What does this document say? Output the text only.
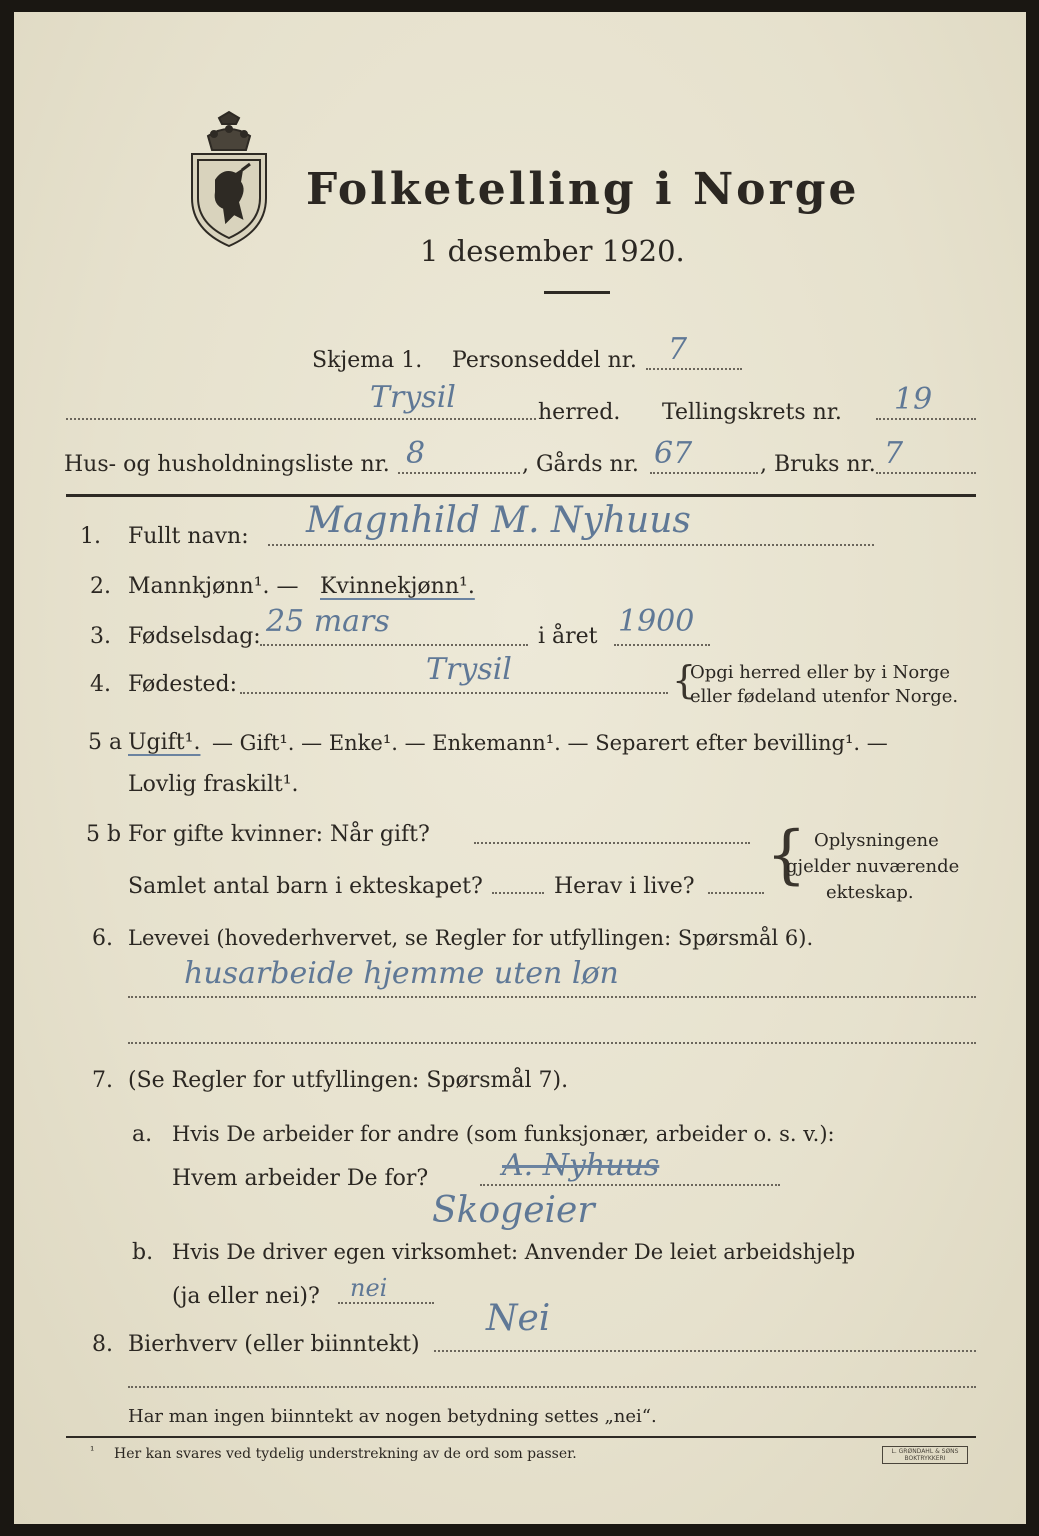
Folketelling i Norge
1 desember 1920.
Skjema 1. Personseddel nr. 7
Trysil	herred. Tellingskrets nr. 19
Hus- og husholdningsliste nr. 8	, Gårds nr. 67	, Bruks nr. 7
1. Fullt navn: Magnhild M. Nyhuus
2. Mannkjønn¹. — Kvinnekjønn¹.
3. Fødselsdag: 25 mars	i året 1900
4. Fødested:	Trysil	{
Opgi herred eller by i Norge
eller fødeland utenfor Norge.
5 a Ugift¹. — Gift¹. — Enke¹. — Enkemann¹. — Separert efter bevilling¹. —
Lovlig fraskilt¹.
5 b For gifte kvinner: Når gift?
Samlet antal barn i ekteskapet?	Herav i live? { Oplysningene
gjelder nuværende
ekteskap.
6. Levevei (hovederhvervet, se Regler for utfyllingen: Spørsmål 6).
husarbeide hjemme uten løn
7. (Se Regler for utfyllingen: Spørsmål 7).
a. Hvis De arbeider for andre (som funksjonær, arbeider o. s. v.):
Hvem arbeider De for? A. Nyhuus
Skogeier
b. Hvis De driver egen virksomhet: Anvender De leiet arbeidshjelp
(ja eller nei)? nei
8. Bierhverv (eller biinntekt)
Nei
Har man ingen biinntekt av nogen betydning settes „nei“.
¹ Her kan svares ved tydelig understrekning av de ord som passer.	L. GRØNDAHL & SØNS BOKTRYKKERI
